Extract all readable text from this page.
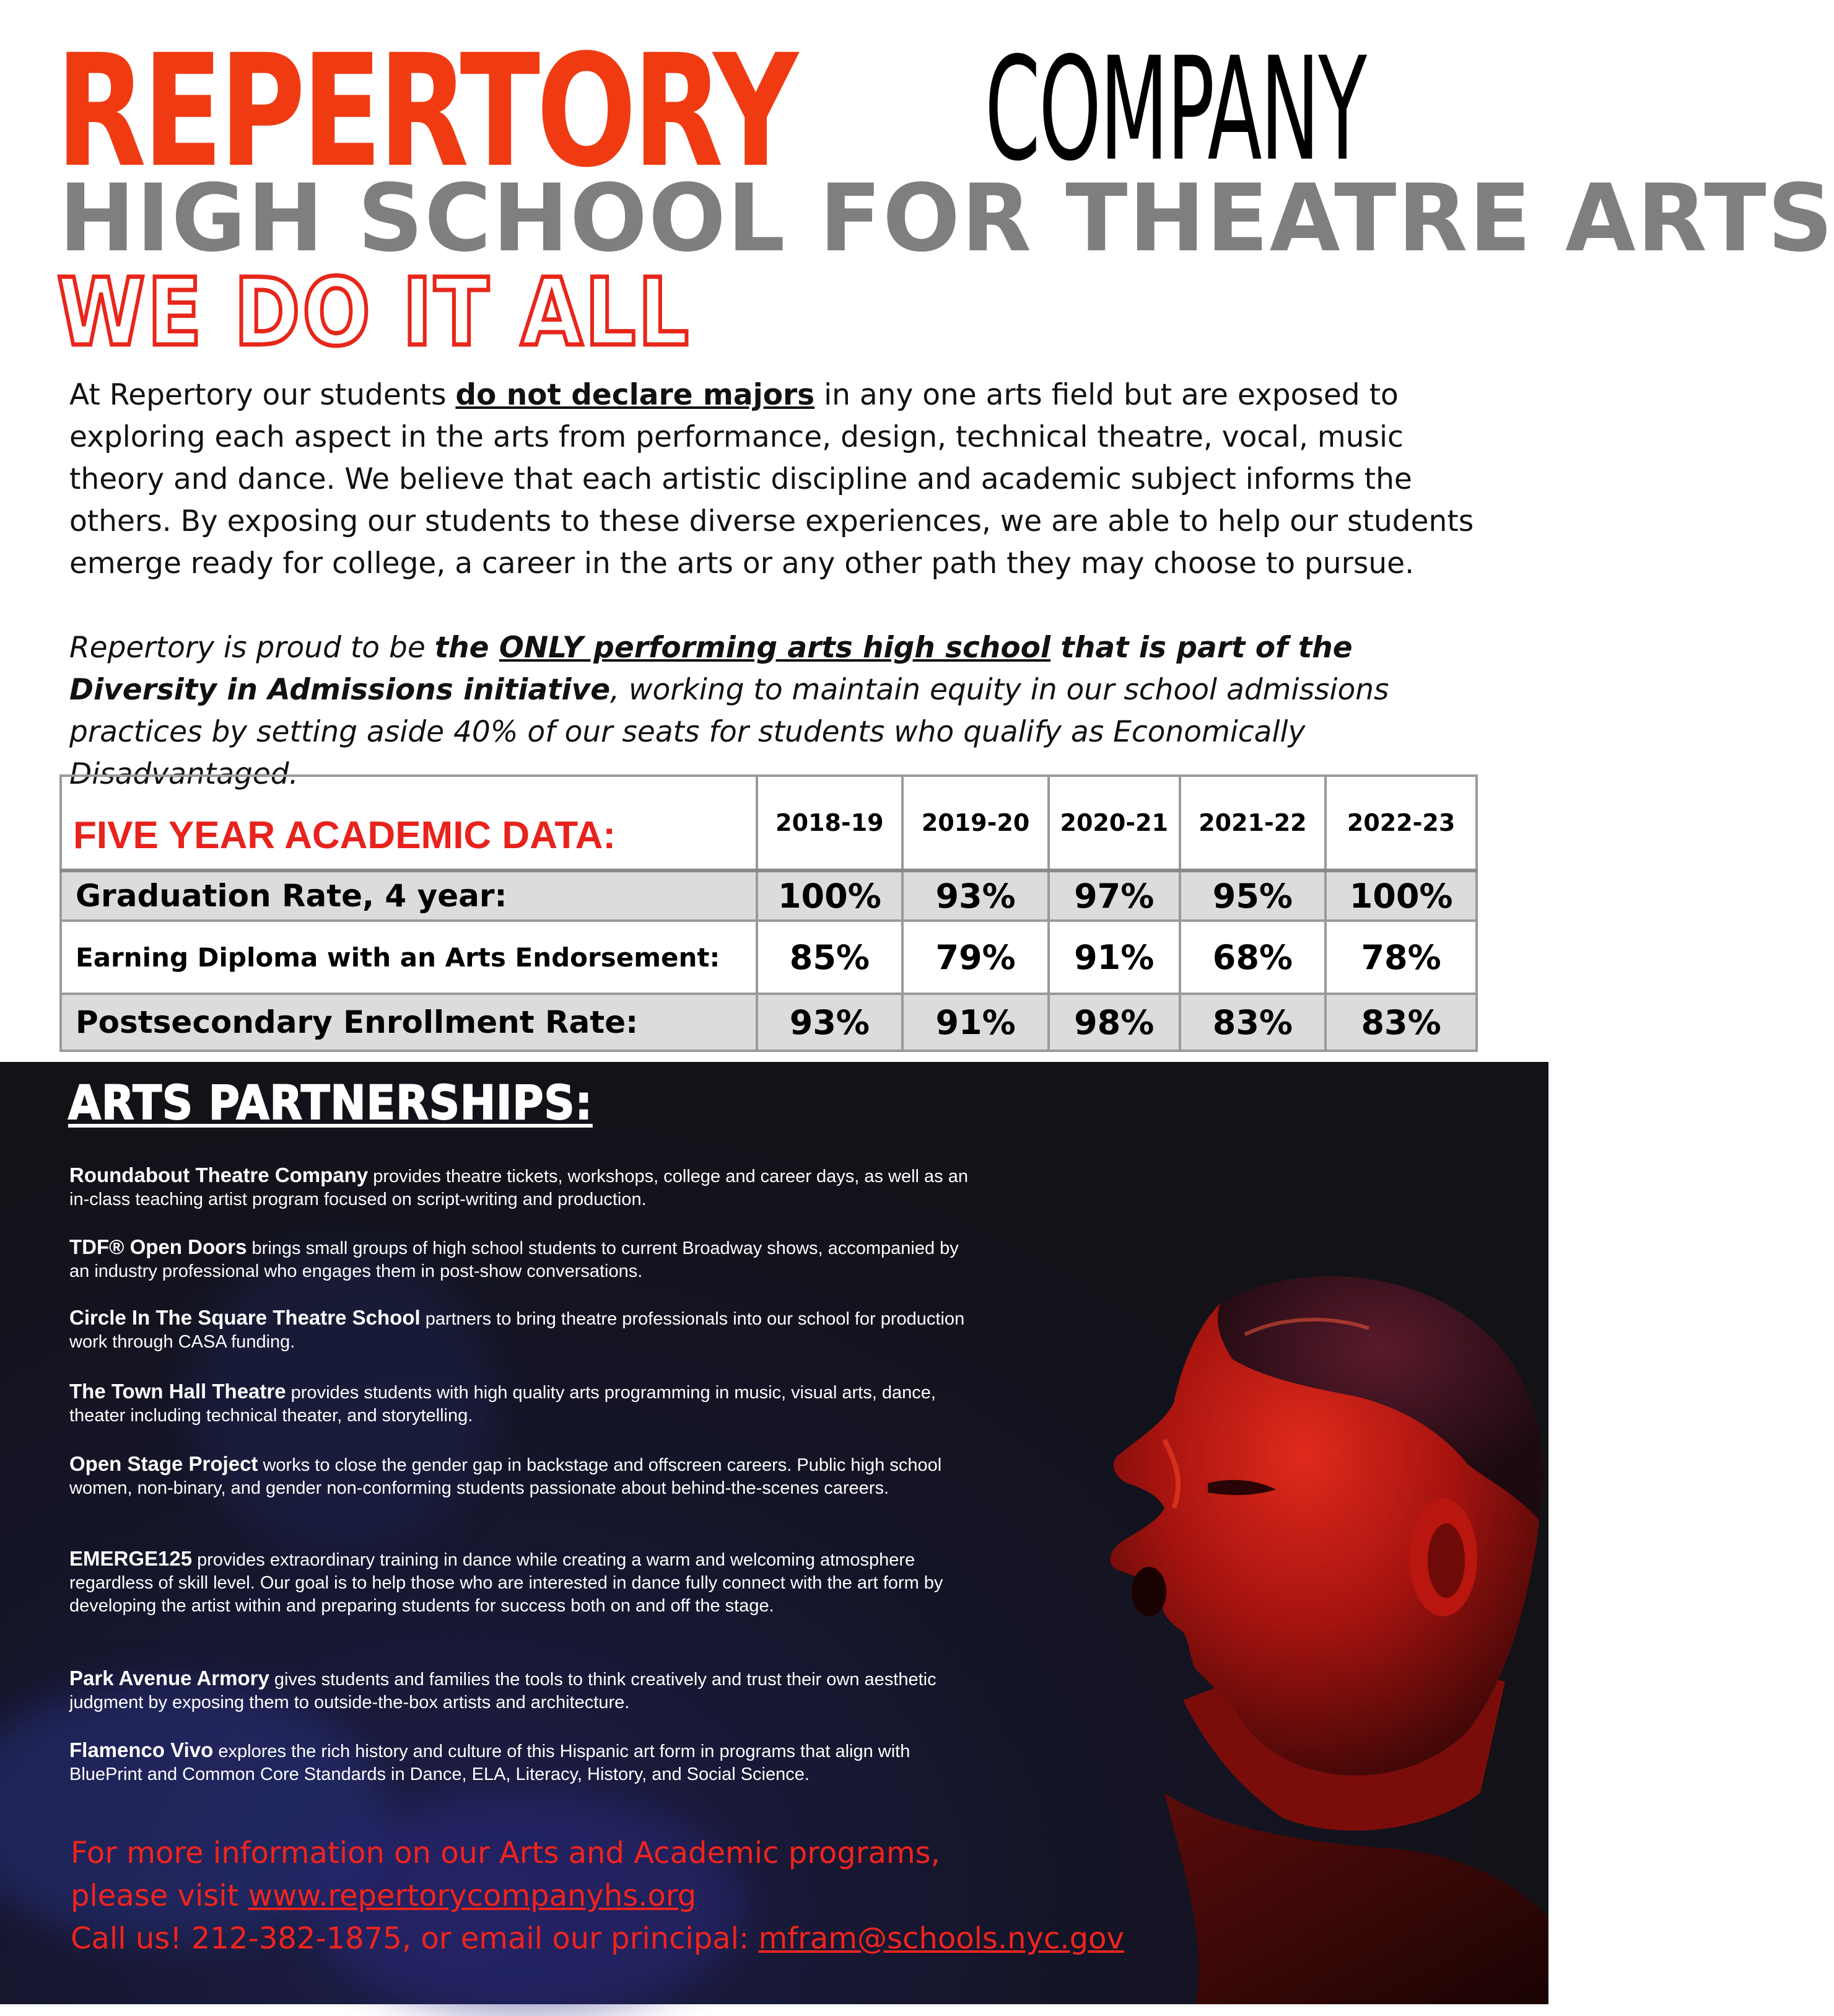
REPERTORY COMPANY
HIGH SCHOOL FOR THEATRE ARTS
WE DO IT ALL
At Repertory our students do not declare majors in any one arts field but are exposed to exploring each aspect in the arts from performance, design, technical theatre, vocal, music theory and dance. We believe that each artistic discipline and academic subject informs the others. By exposing our students to these diverse experiences, we are able to help our students emerge ready for college, a career in the arts or any other path they may choose to pursue.
Repertory is proud to be the ONLY performing arts high school that is part of the Diversity in Admissions initiative, working to maintain equity in our school admissions practices by setting aside 40% of our seats for students who qualify as Economically Disadvantaged.
FIVE YEAR ACADEMIC DATA:	2018-19	2019-20	2020-21	2021-22	2022-23
Graduation Rate, 4 year:	100%	93%	97%	95%	100%
Earning Diploma with an Arts Endorsement:	85%	79%	91%	68%	78%
Postsecondary Enrollment Rate:	93%	91%	98%	83%	83%
ARTS PARTNERSHIPS:
Roundabout Theatre Company provides theatre tickets, workshops, college and career days, as well as an in-class teaching artist program focused on script-writing and production.
TDF® Open Doors brings small groups of high school students to current Broadway shows, accompanied by an industry professional who engages them in post-show conversations.
Circle In The Square Theatre School partners to bring theatre professionals into our school for production work through CASA funding.
The Town Hall Theatre provides students with high quality arts programming in music, visual arts, dance, theater including technical theater, and storytelling.
Open Stage Project works to close the gender gap in backstage and offscreen careers. Public high school women, non-binary, and gender non-conforming students passionate about behind-the-scenes careers.
EMERGE125 provides extraordinary training in dance while creating a warm and welcoming atmosphere regardless of skill level. Our goal is to help those who are interested in dance fully connect with the art form by developing the artist within and preparing students for success both on and off the stage.
Park Avenue Armory gives students and families the tools to think creatively and trust their own aesthetic judgment by exposing them to outside-the-box artists and architecture.
Flamenco Vivo explores the rich history and culture of this Hispanic art form in programs that align with BluePrint and Common Core Standards in Dance, ELA, Literacy, History, and Social Science.
For more information on our Arts and Academic programs,
please visit www.repertorycompanyhs.org
Call us! 212-382-1875, or email our principal: mfram@schools.nyc.gov
